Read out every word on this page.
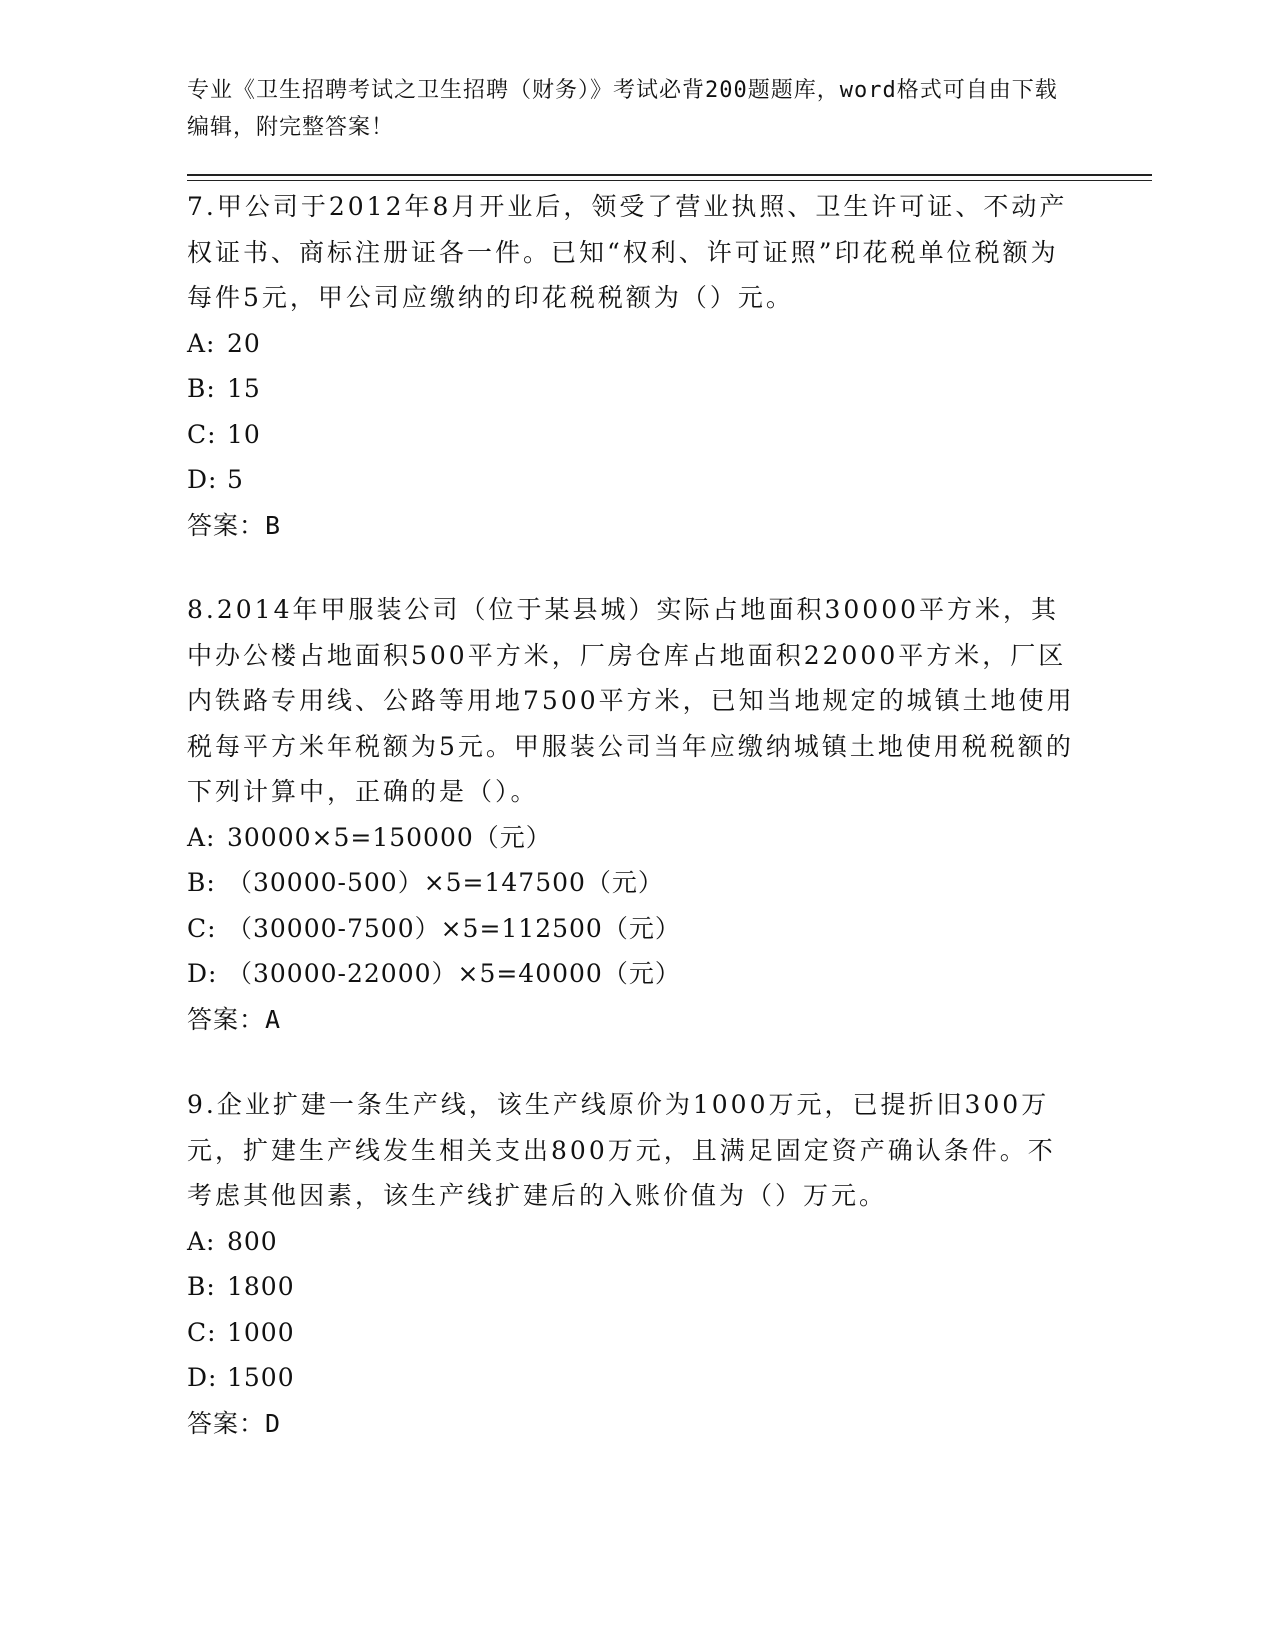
专业《卫生招聘考试之卫生招聘（财务）》考试必背200题题库，word格式可自由下载编辑，附完整答案！

7.甲公司于2012年8月开业后，领受了营业执照、卫生许可证、不动产权证书、商标注册证各一件。已知“权利、许可证照”印花税单位税额为每件5元，甲公司应缴纳的印花税税额为（）元。

A: 20

B: 15

C: 10

D: 5

答案：B

8.2014年甲服装公司（位于某县城）实际占地面积30000平方米，其中办公楼占地面积500平方米，厂房仓库占地面积22000平方米，厂区内铁路专用线、公路等用地7500平方米，已知当地规定的城镇土地使用税每平方米年税额为5元。甲服装公司当年应缴纳城镇土地使用税税额的下列计算中，正确的是（）。

A: 30000×5=150000（元）

B: （30000-500）×5=147500（元）

C: （30000-7500）×5=112500（元）

D: （30000-22000）×5=40000（元）

答案：A

9.企业扩建一条生产线，该生产线原价为1000万元，已提折旧300万元，扩建生产线发生相关支出800万元，且满足固定资产确认条件。不考虑其他因素，该生产线扩建后的入账价值为（）万元。

A: 800

B: 1800

C: 1000

D: 1500

答案：D
